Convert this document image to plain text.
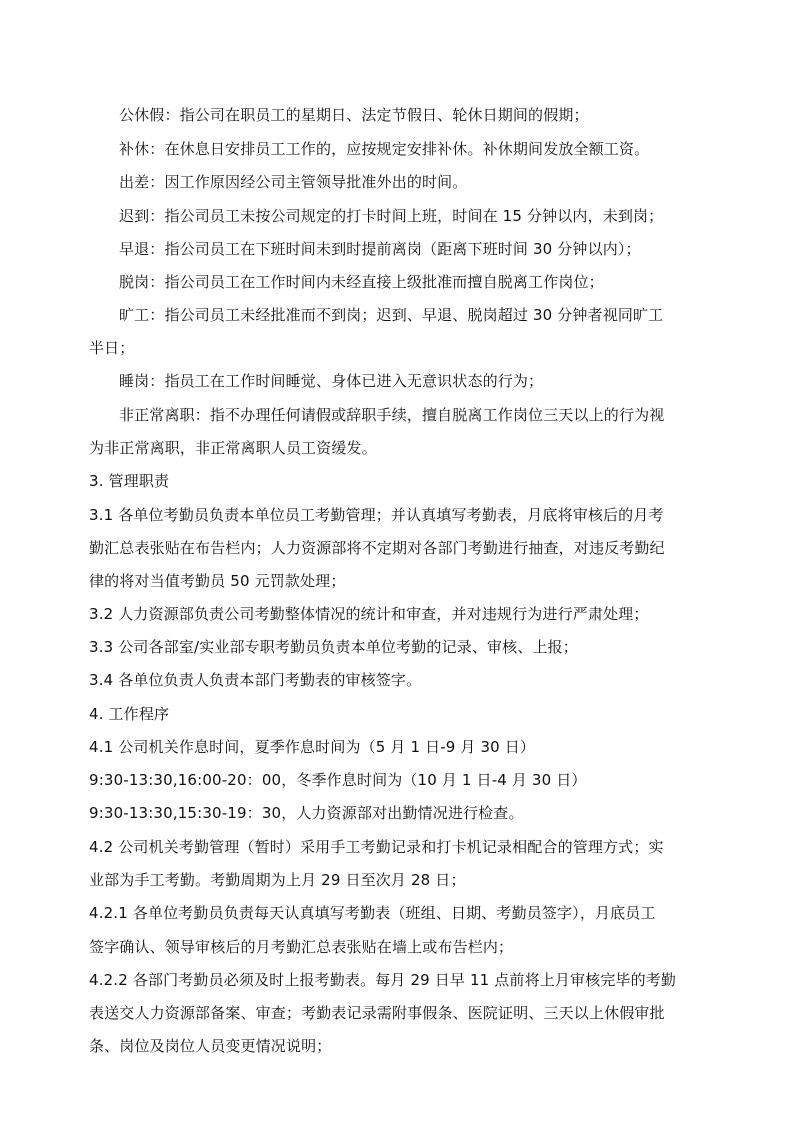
公休假：指公司在职员工的星期日、法定节假日、轮休日期间的假期；
补休：在休息日安排员工工作的，应按规定安排补休。补休期间发放全额工资。
出差：因工作原因经公司主管领导批准外出的时间。
迟到：指公司员工未按公司规定的打卡时间上班，时间在 15 分钟以内，未到岗；
早退：指公司员工在下班时间未到时提前离岗（距离下班时间 30 分钟以内）；
脱岗：指公司员工在工作时间内未经直接上级批准而擅自脱离工作岗位；
旷工：指公司员工未经批准而不到岗；迟到、早退、脱岗超过 30 分钟者视同旷工
半日；
睡岗：指员工在工作时间睡觉、身体已进入无意识状态的行为；
非正常离职：指不办理任何请假或辞职手续，擅自脱离工作岗位三天以上的行为视
为非正常离职，非正常离职人员工资缓发。
3. 管理职责
3.1 各单位考勤员负责本单位员工考勤管理；并认真填写考勤表，月底将审核后的月考
勤汇总表张贴在布告栏内；人力资源部将不定期对各部门考勤进行抽查，对违反考勤纪
律的将对当值考勤员 50 元罚款处理；
3.2 人力资源部负责公司考勤整体情况的统计和审查，并对违规行为进行严肃处理；
3.3 公司各部室/实业部专职考勤员负责本单位考勤的记录、审核、上报；
3.4 各单位负责人负责本部门考勤表的审核签字。
4. 工作程序
4.1 公司机关作息时间，夏季作息时间为（5 月 1 日-9 月 30 日）
9:30-13:30,16:00-20：00，冬季作息时间为（10 月 1 日-4 月 30 日）
9:30-13:30,15:30-19：30，人力资源部对出勤情况进行检查。
4.2 公司机关考勤管理（暂时）采用手工考勤记录和打卡机记录相配合的管理方式；实
业部为手工考勤。考勤周期为上月 29 日至次月 28 日；
4.2.1 各单位考勤员负责每天认真填写考勤表（班组、日期、考勤员签字），月底员工
签字确认、领导审核后的月考勤汇总表张贴在墙上或布告栏内；
4.2.2 各部门考勤员必须及时上报考勤表。每月 29 日早 11 点前将上月审核完毕的考勤
表送交人力资源部备案、审查；考勤表记录需附事假条、医院证明、三天以上休假审批
条、岗位及岗位人员变更情况说明；
